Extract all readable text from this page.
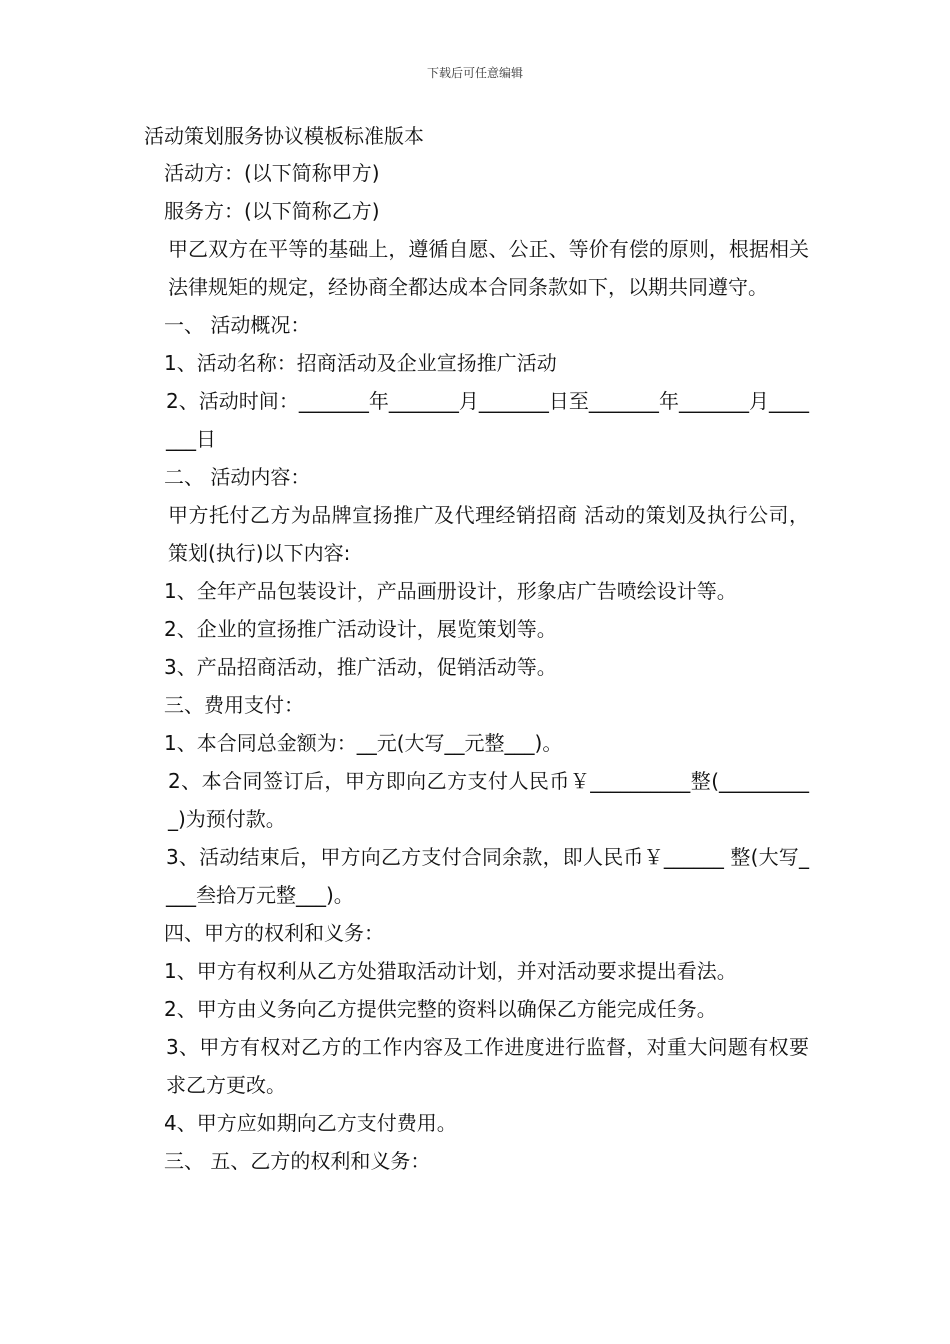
下载后可任意编辑
活动策划服务协议模板标准版本

活动方：(以下简称甲方)

服务方：(以下简称乙方)

甲乙双方在平等的基础上，遵循自愿、公正、等价有偿的原则，根据相关法律规矩的规定，经协商全都达成本合同条款如下，以期共同遵守。

一、 活动概况：

1、活动名称：招商活动及企业宣扬推广活动

2、活动时间：_______年_______月_______日至_______年_______月_______日

二、 活动内容：

甲方托付乙方为品牌宣扬推广及代理经销招商 活动的策划及执行公司，策划(执行)以下内容:

1、全年产品包装设计，产品画册设计，形象店广告喷绘设计等。

2、企业的宣扬推广活动设计，展览策划等。

3、产品招商活动，推广活动，促销活动等。

三、费用支付：

1、本合同总金额为：__元(大写__元整___)。

2、本合同签订后，甲方即向乙方支付人民币￥__________整(__________)为预付款。

3、活动结束后，甲方向乙方支付合同余款，即人民币￥______ 整(大写____叁拾万元整___)。

四、甲方的权利和义务：

1、甲方有权利从乙方处猎取活动计划，并对活动要求提出看法。

2、甲方由义务向乙方提供完整的资料以确保乙方能完成任务。

3、甲方有权对乙方的工作内容及工作进度进行监督，对重大问题有权要求乙方更改。

4、甲方应如期向乙方支付费用。

三、 五、乙方的权利和义务：
